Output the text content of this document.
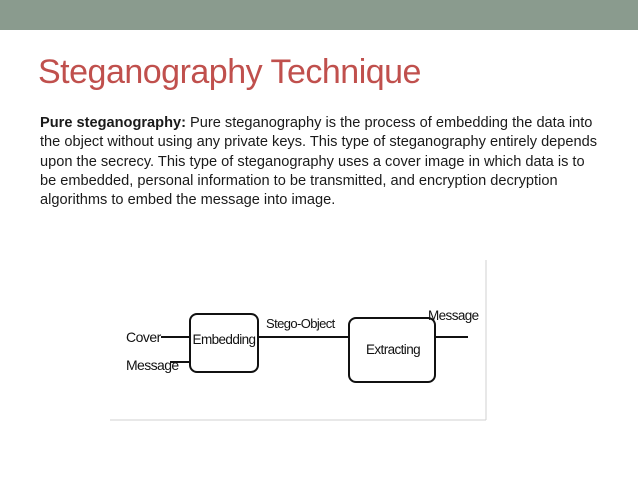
Steganography Technique

Pure steganography: Pure steganography is the process of embedding the data into the object without using any private keys. This type of steganography entirely depends upon the secrecy. This type of steganography uses a cover image in which data is to be embedded, personal information to be transmitted, and encryption decryption algorithms to embed the message into image.

Cover
Message
Embedding
Stego-Object
Extracting
Message
